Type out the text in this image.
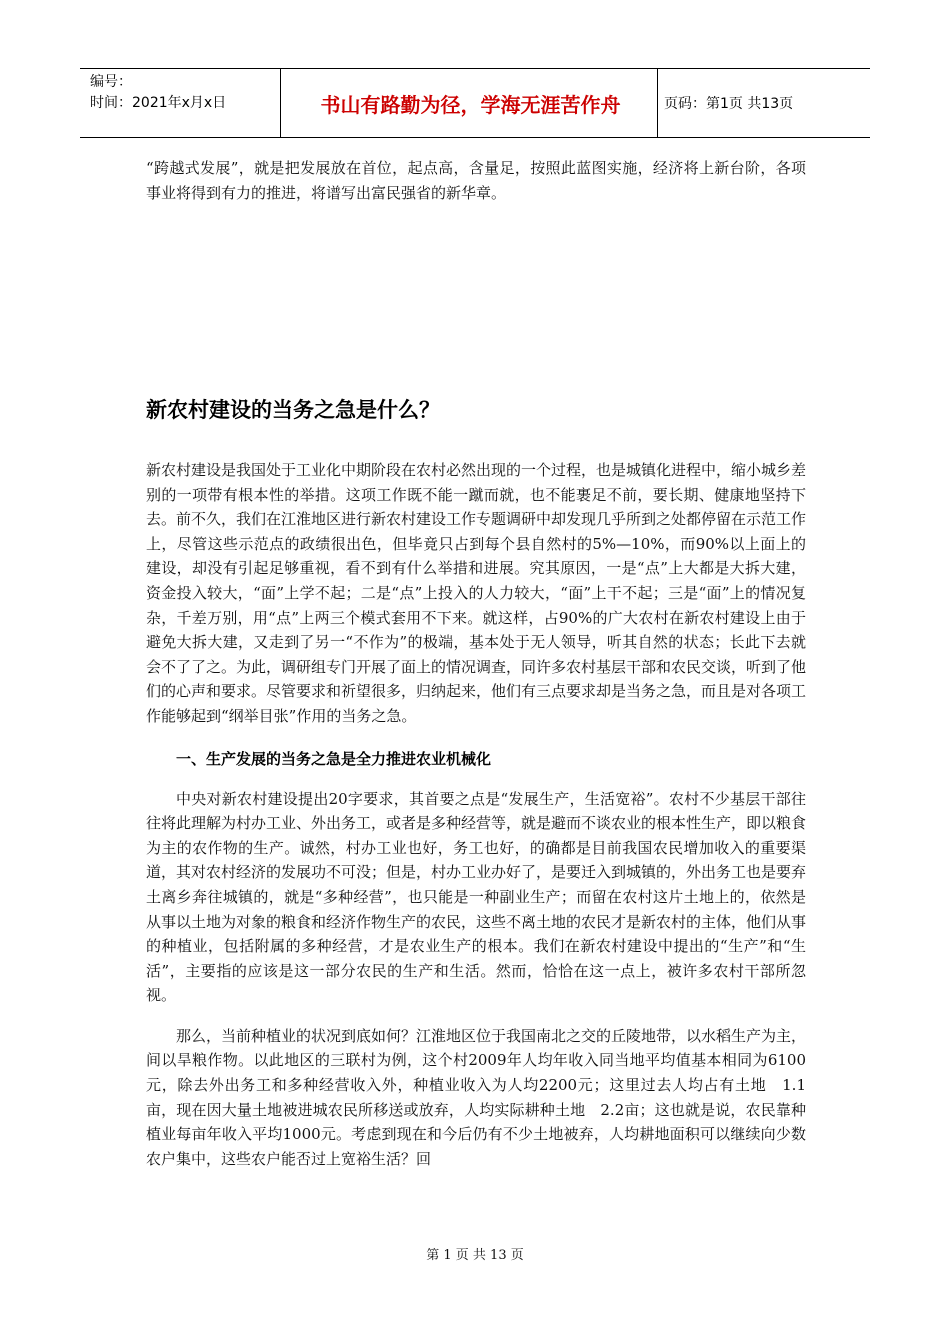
编号：
时间：2021年x月x日	书山有路勤为径，学海无涯苦作舟	页码：第1页 共13页

“跨越式发展”，就是把发展放在首位，起点高，含量足，按照此蓝图实施，经济将上新台阶，各项事业将得到有力的推进，将谱写出富民强省的新华章。

新农村建设的当务之急是什么？

新农村建设是我国处于工业化中期阶段在农村必然出现的一个过程，也是城镇化进程中，缩小城乡差别的一项带有根本性的举措。这项工作既不能一蹴而就，也不能裹足不前，要长期、健康地坚持下去。前不久，我们在江淮地区进行新农村建设工作专题调研中却发现几乎所到之处都停留在示范工作上，尽管这些示范点的政绩很出色，但毕竟只占到每个县自然村的5%—10%，而90%以上面上的建设，却没有引起足够重视，看不到有什么举措和进展。究其原因，一是“点”上大都是大拆大建，资金投入较大，“面”上学不起；二是“点”上投入的人力较大，“面”上干不起；三是“面”上的情况复杂，千差万别，用“点”上两三个模式套用不下来。就这样，占90%的广大农村在新农村建设上由于避免大拆大建，又走到了另一“不作为”的极端，基本处于无人领导，听其自然的状态；长此下去就会不了了之。为此，调研组专门开展了面上的情况调查，同许多农村基层干部和农民交谈，听到了他们的心声和要求。尽管要求和祈望很多，归纳起来，他们有三点要求却是当务之急，而且是对各项工作能够起到“纲举目张”作用的当务之急。

一、生产发展的当务之急是全力推进农业机械化

中央对新农村建设提出20字要求，其首要之点是“发展生产，生活宽裕”。农村不少基层干部往往将此理解为村办工业、外出务工，或者是多种经营等，就是避而不谈农业的根本性生产，即以粮食为主的农作物的生产。诚然，村办工业也好，务工也好，的确都是目前我国农民增加收入的重要渠道，其对农村经济的发展功不可没；但是，村办工业办好了，是要迁入到城镇的，外出务工也是要弃土离乡奔往城镇的，就是“多种经营”，也只能是一种副业生产；而留在农村这片土地上的，依然是从事以土地为对象的粮食和经济作物生产的农民，这些不离土地的农民才是新农村的主体，他们从事的种植业，包括附属的多种经营，才是农业生产的根本。我们在新农村建设中提出的“生产”和“生活”，主要指的应该是这一部分农民的生产和生活。然而，恰恰在这一点上，被许多农村干部所忽视。

那么，当前种植业的状况到底如何？江淮地区位于我国南北之交的丘陵地带，以水稻生产为主，间以旱粮作物。以此地区的三联村为例，这个村2009年人均年收入同当地平均值基本相同为6100元，除去外出务工和多种经营收入外，种植业收入为人均2200元；这里过去人均占有土地　1.1亩，现在因大量土地被进城农民所移送或放弃，人均实际耕种土地　2.2亩；这也就是说，农民靠种植业每亩年收入平均1000元。考虑到现在和今后仍有不少土地被弃，人均耕地面积可以继续向少数农户集中，这些农户能否过上宽裕生活？回

第 1 页 共 13 页
